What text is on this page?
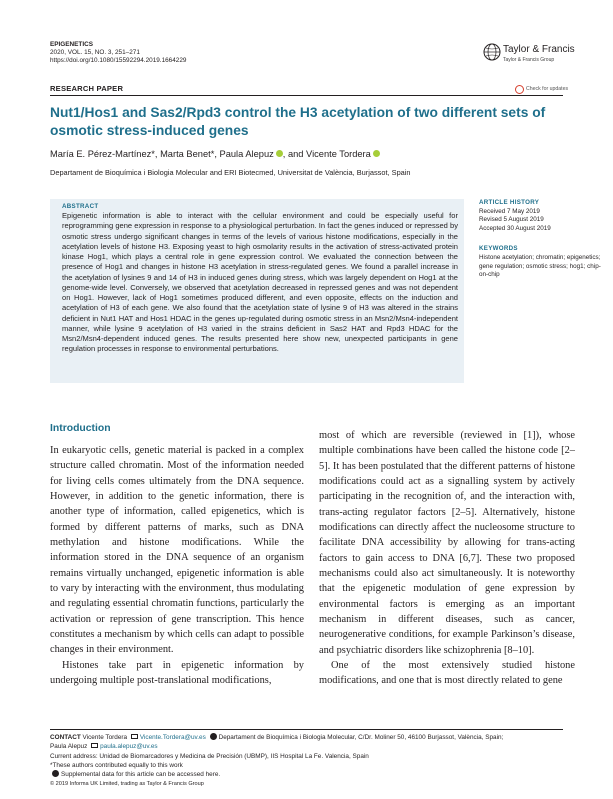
EPIGENETICS
2020, VOL. 15, NO. 3, 251–271
https://doi.org/10.1080/15592294.2019.1664229
Taylor & Francis
Taylor & Francis Group
RESEARCH PAPER	Check for updates
Nut1/Hos1 and Sas2/Rpd3 control the H3 acetylation of two different sets of osmotic stress-induced genes
María E. Pérez-Martínez*, Marta Benet*, Paula Alepuz , and Vicente Tordera
Departament de Bioquímica i Biologia Molecular and ERI Biotecmed, Universitat de València, Burjassot, Spain
ABSTRACT
Epigenetic information is able to interact with the cellular environment and could be especially useful for reprogramming gene expression in response to a physiological perturbation. In fact the genes induced or repressed by osmotic stress undergo significant changes in terms of the levels of various histone modifications, especially in the acetylation levels of histone H3. Exposing yeast to high osmolarity results in the activation of stress-activated protein kinase Hog1, which plays a central role in gene expression control. We evaluated the connection between the presence of Hog1 and changes in histone H3 acetylation in stress-regulated genes. We found a parallel increase in the acetylation of lysines 9 and 14 of H3 in induced genes during stress, which was largely dependent on Hog1 at the genome-wide level. Conversely, we observed that acetylation decreased in repressed genes and was not dependent on Hog1. However, lack of Hog1 sometimes produced different, and even opposite, effects on the induction and acetylation of H3 of each gene. We also found that the acetylation state of lysine 9 of H3 was altered in the strains deficient in Nut1 HAT and Hos1 HDAC in the genes up-regulated during osmotic stress in an Msn2/Msn4-independent manner, while lysine 9 acetylation of H3 varied in the strains deficient in Sas2 HAT and Rpd3 HDAC for the Msn2/Msn4-dependent induced genes. The results presented here show new, unexpected participants in gene regulation processes in response to environmental perturbations.
ARTICLE HISTORY
Received 7 May 2019
Revised 5 August 2019
Accepted 30 August 2019
KEYWORDS
Histone acetylation; chromatin; epigenetics; gene regulation; osmotic stress; hog1; chip-on-chip
Introduction

In eukaryotic cells, genetic material is packed in a complex structure called chromatin. Most of the information needed for living cells comes ultimately from the DNA sequence. However, in addition to the genetic information, there is another type of information, called epigenetics, which is formed by different patterns of marks, such as DNA methylation and histone modifications. While the information stored in the DNA sequence of an organism remains virtually unchanged, epigenetic information is able to vary by interacting with the environment, thus modulating and regulating essential chromatin functions, particularly the activation or repression of gene transcription. This hence constitutes a mechanism by which cells can adapt to possible changes in their environment.

Histones take part in epigenetic information by undergoing multiple post-translational modifications,

most of which are reversible (reviewed in [1]), whose multiple combinations have been called the histone code [2–5]. It has been postulated that the different patterns of histone modifications could act as a signalling system by actively participating in the recognition of, and the interaction with, trans-acting regulator factors [2–5]. Alternatively, histone modifications can directly affect the nucleosome structure to facilitate DNA accessibility by allowing for trans-acting factors to gain access to DNA [6,7]. These two proposed mechanisms could also act simultaneously. It is noteworthy that the epigenetic modulation of gene expression by environmental factors is emerging as an important mechanism in different diseases, such as cancer, neurogenerative conditions, for example Parkinson’s disease, and psychiatric disorders like schizophrenia [8–10].

One of the most extensively studied histone modifications, and one that is most directly related to gene

CONTACT Vicente Tordera Vicente.Tordera@uv.es Departament de Bioquímica i Biologia Molecular, C/Dr. Moliner 50, 46100 Burjassot, València, Spain;
Paula Alepuz paula.alepuz@uv.es
Current address: Unidad de Biomarcadores y Medicina de Precisión (UBMP), IIS Hospital La Fe. Valencia, Spain
*These authors contributed equally to this work
Supplemental data for this article can be accessed here.
© 2019 Informa UK Limited, trading as Taylor & Francis Group
